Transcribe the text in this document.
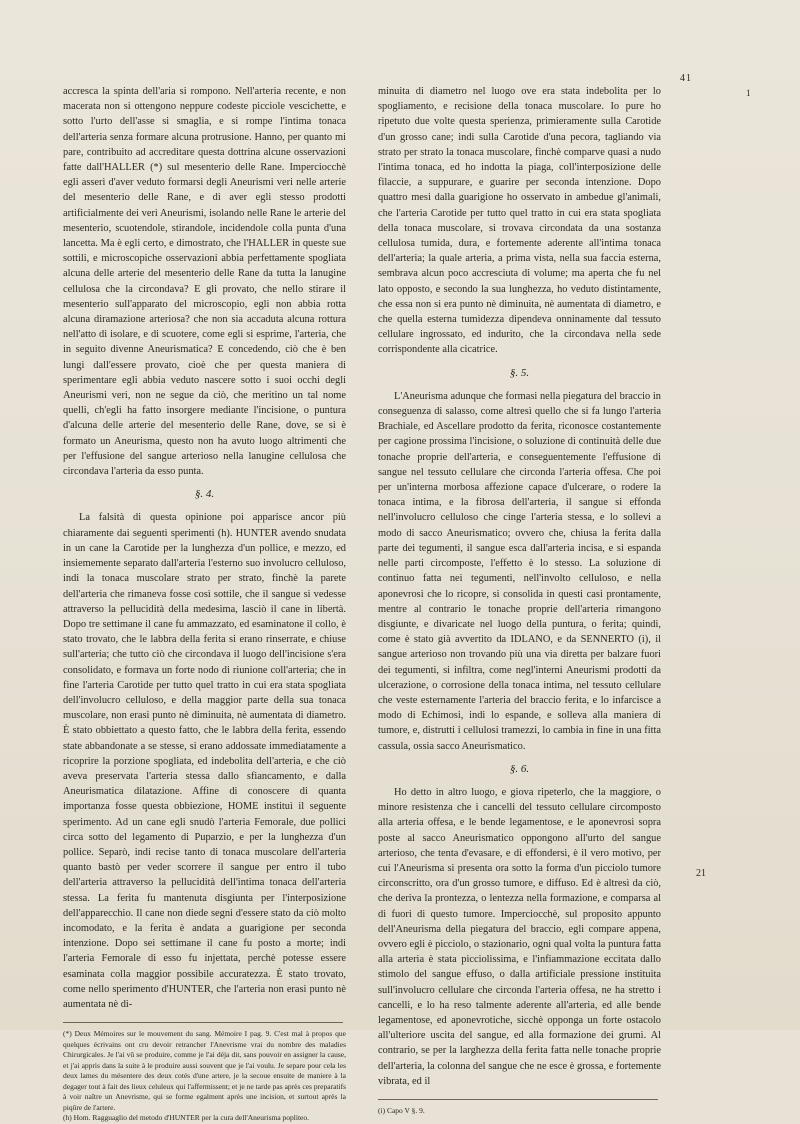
41
1

accresca la spinta dell'aria si rompono. Nell'arteria recente, e non macerata non si ottengono neppure codeste picciole vescichette, e sotto l'urto dell'asse si smaglia, e si rompe l'intima tonaca dell'arteria senza formare alcuna protrusione. Hanno, per quanto mi pare, contribuito ad accreditare questa dottrina alcune osservazioni fatte dall'HALLER (*) sul mesenterio delle Rane. Imperciocchè egli asserì d'aver veduto formarsi degli Aneurismi veri nelle arterie del mesenterio delle Rane, e di aver egli stesso prodotti artificialmente dei veri Aneurismi, isolando nelle Rane le arterie del mesenterio, scuotendole, stirandole, incidendole colla punta d'una lancetta. Ma è egli certo, e dimostrato, che l'HALLER in queste sue sottili, e microscopiche osservazioni abbia perfettamente spogliata alcuna delle arterie del mesenterio delle Rane da tutta la lanugine cellulosa che la circondava? E gli provato, che nello stirare il mesenterio sull'apparato del microscopio, egli non abbia rotta alcuna diramazione arteriosa? che non sia accaduta alcuna rottura nell'atto di isolare, e di scuotere, come egli si esprime, l'arteria, che in seguito divenne Aneurismatica? E concedendo, ciò che è ben lungi dall'essere provato, cioè che per questa maniera di sperimentare egli abbia veduto nascere sotto i suoi occhi degli Aneurismi veri, non ne segue da ciò, che meritino un tal nome quelli, ch'egli ha fatto insorgere mediante l'incisione, o puntura d'alcuna delle arterie del mesenterio delle Rane, dove, se si è formato un Aneurisma, questo non ha avuto luogo altrimenti che per l'effusione del sangue arterioso nella lanugine cellulosa che circondava l'arteria da esso punta.

§. 4.

La falsità di questa opinione poi apparisce ancor più chiaramente dai seguenti sperimenti (h). HUNTER avendo snudata in un cane la Carotide per la lunghezza d'un pollice, e mezzo, ed insiememente separato dall'arteria l'esterno suo involucro celluloso, indi la tonaca muscolare strato per strato, finchè la parete dell'arteria che rimaneva fosse così sottile, che il sangue si vedesse attraverso la pellucidità della medesima, lasciò il cane in libertà. Dopo tre settimane il cane fu ammazzato, ed esaminatone il collo, è stato trovato, che le labbra della ferita si erano rinserrate, e chiuse sull'arteria; che tutto ciò che circondava il luogo dell'incisione s'era consolidato, e formava un forte nodo di riunione coll'arteria; che in fine l'arteria Carotide per tutto quel tratto in cui era stata spogliata dell'involucro celluloso, e della maggior parte della sua tonaca muscolare, non erasi punto nè diminuita, nè aumentata di diametro. È stato obbiettato a questo fatto, che le labbra della ferita, essendo state abbandonate a se stesse, si erano addossate immediatamente a ricoprire la porzione spogliata, ed indebolita dell'arteria, e che ciò aveva preservata l'arteria stessa dallo sfiancamento, e dalla Aneurismatica dilatazione. Affine di conoscere di quanta importanza fosse questa obbiezione, HOME instituì il seguente sperimento. Ad un cane egli snudò l'arteria Femorale, due pollici circa sotto del legamento di Puparzio, e per la lunghezza d'un pollice. Separò, indi recise tanto di tonaca muscolare dell'arteria quanto bastò per veder scorrere il sangue per entro il tubo dell'arteria attraverso la pellucidità dell'intima tonaca dell'arteria stessa. La ferita fu mantenuta disgiunta per l'interposizione dell'apparecchio. Il cane non diede segni d'essere stato da ciò molto incomodato, e la ferita è andata a guarigione per seconda intenzione. Dopo sei settimane il cane fu posto a morte; indi l'arteria Femorale di esso fu injettata, perchè potesse essere esaminata colla maggior possibile accuratezza. È stato trovato, come nello sperimento d'HUNTER, che l'arteria non erasi punto nè aumentata nè di-

(*) Deux Mémoires sur le mouvement du sang. Mémoire I pag. 9. C'est mal à propos que quelques écrivains ont cru devoir retrancher l'Anevrisme vrai du nombre des maladies Chirurgicales. Je l'ai vû se produire, comme je l'ai déja dit, sans pouvoir en assigner la cause, et j'ai appris dans la suite à le produire aussi souvent que je l'ai voulu. Je separe pour cela les deux lames du mésentere des deux cotés d'une artere, je la secoue ensuite de maniere à la degager tout à fait des lieux celuleux qui l'affermissent; et je ne tarde pas après ces preparatifs à voir naître un Anevrisme, qui se forme egalment après une incision, et surtout après la piqûre de l'artere.

(h) Hom. Ragguaglio del metodo d'HUNTER per la cura dell'Aneurisma popliteo.

minuita di diametro nel luogo ove era stata indebolita per lo spogliamento, e recisione della tonaca muscolare. Io pure ho ripetuto due volte questa sperienza, primieramente sulla Carotide d'un grosso cane; indi sulla Carotide d'una pecora, tagliando via strato per strato la tonaca muscolare, finchè comparve quasi a nudo l'intima tonaca, ed ho indotta la piaga, coll'interposizione delle filaccie, a suppurare, e guarire per seconda intenzione. Dopo quattro mesi dalla guarigione ho osservato in ambedue gl'animali, che l'arteria Carotide per tutto quel tratto in cui era stata spogliata della tonaca muscolare, si trovava circondata da una sostanza cellulosa tumida, dura, e fortemente aderente all'intima tonaca dell'arteria; la quale arteria, a prima vista, nella sua faccia esterna, sembrava alcun poco accresciuta di volume; ma aperta che fu nel lato opposto, e secondo la sua lunghezza, ho veduto distintamente, che essa non si era punto nè diminuita, nè aumentata di diametro, e che quella esterna tumidezza dipendeva onninamente dal tessuto cellulare ingrossato, ed indurito, che la circondava nella sede corrispondente alla cicatrice.

§. 5.

L'Aneurisma adunque che formasi nella piegatura del braccio in conseguenza di salasso, come altresì quello che si fa lungo l'arteria Brachiale, ed Ascellare prodotto da ferita, riconosce costantemente per cagione prossima l'incisione, o soluzione di continuità delle due tonache proprie dell'arteria, e conseguentemente l'effusione di sangue nel tessuto cellulare che circonda l'arteria offesa. Che poi per un'interna morbosa affezione capace d'ulcerare, o rodere la tonaca intima, e la fibrosa dell'arteria, il sangue si effonda nell'involucro celluloso che cinge l'arteria stessa, e lo sollevi a modo di sacco Aneurismatico; ovvero che, chiusa la ferita dalla parte dei tegumenti, il sangue esca dall'arteria incisa, e si espanda nelle parti circomposte, l'effetto è lo stesso. La soluzione di continuo fatta nei tegumenti, nell'involto celluloso, e nella aponevrosi che lo ricopre, si consolida in questi casi prontamente, mentre al contrario le tonache proprie dell'arteria rimangono disgiunte, e divaricate nel luogo della puntura, o ferita; quindi, come è stato già avvertito da IDLANO, e da SENNERTO (i), il sangue arterioso non trovando più una via diretta per balzare fuori dei tegumenti, si infiltra, come negl'interni Aneurismi prodotti da ulcerazione, o corrosione della tonaca intima, nel tessuto cellulare che veste esternamente l'arteria del braccio ferita, e lo infarcisce a modo di Echimosi, indi lo espande, e solleva alla maniera di tumore, e, distrutti i cellulosi tramezzi, lo cambia in fine in una fitta cassula, ossia sacco Aneurismatico.

§. 6.

Ho detto in altro luogo, e giova ripeterlo, che la maggiore, o minore resistenza che i cancelli del tessuto cellulare circomposto alla arteria offesa, e le bende legamentose, e le aponevrosi sopra poste al sacco Aneurismatico oppongono all'urto del sangue arterioso, che tenta d'evasare, e di effondersi, è il vero motivo, per cui l'Aneurisma si presenta ora sotto la forma d'un picciolo tumore circonscritto, ora d'un grosso tumore, e diffuso. Ed è altresì da ciò, che deriva la prontezza, o lentezza nella formazione, e comparsa al di fuori di questo tumore. Imperciocchè, sul proposito appunto dell'Aneurisma della piegatura del braccio, egli compare appena, ovvero egli è picciolo, o stazionario, ogni qual volta la puntura fatta alla arteria è stata picciolissima, e l'infiammazione eccitata dallo stimolo del sangue effuso, o dalla artificiale pressione instituita sull'involucro cellulare che circonda l'arteria offesa, ne ha stretto i cancelli, e lo ha reso talmente aderente all'arteria, ed alle bende legamentose, ed aponevrotiche, sicchè opponga un forte ostacolo all'ulteriore uscita del sangue, ed alla formazione dei grumi. Al contrario, se per la larghezza della ferita fatta nelle tonache proprie dell'arteria, la colonna del sangue che ne esce è grossa, e fortemente vibrata, ed il

(i) Capo V §. 9.

21
